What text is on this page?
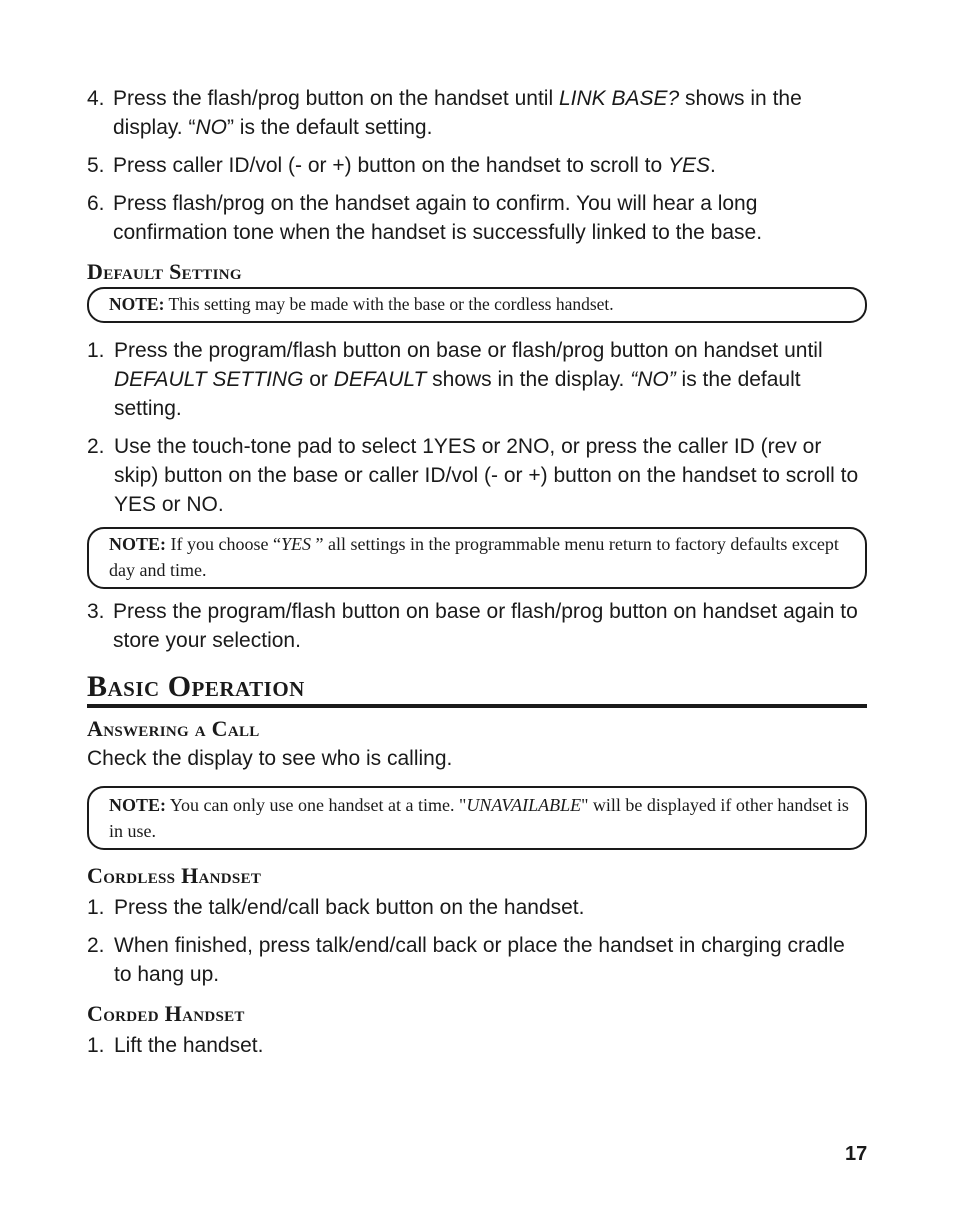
4. Press the flash/prog button on the handset until LINK BASE? shows in the display. “NO” is the default setting.

5. Press caller ID/vol (- or +) button on the handset to scroll to YES.

6. Press flash/prog on the handset again to confirm. You will hear a long confirmation tone when the handset is successfully linked to the base.

Default Setting
NOTE: This setting may be made with the base or the cordless handset.

1. Press the program/flash button on base or flash/prog button on handset until DEFAULT SETTING or DEFAULT shows in the display. “NO” is the default setting.

2. Use the touch-tone pad to select 1YES or 2NO, or press the caller ID (rev or skip) button on the base or caller ID/vol (- or +) button on the handset to scroll to YES or NO.

NOTE: If you choose “YES ” all settings in the programmable menu return to factory defaults except day and time.

3. Press the program/flash button on base or flash/prog button on handset again to store your selection.

Basic Operation
Answering a Call

Check the display to see who is calling.

NOTE: You can only use one handset at a time. "UNAVAILABLE" will be displayed if other handset is in use.
Cordless Handset

1. Press the talk/end/call back button on the handset.

2. When finished, press talk/end/call back or place the handset in charging cradle to hang up.

Corded Handset

1. Lift the handset.

17
